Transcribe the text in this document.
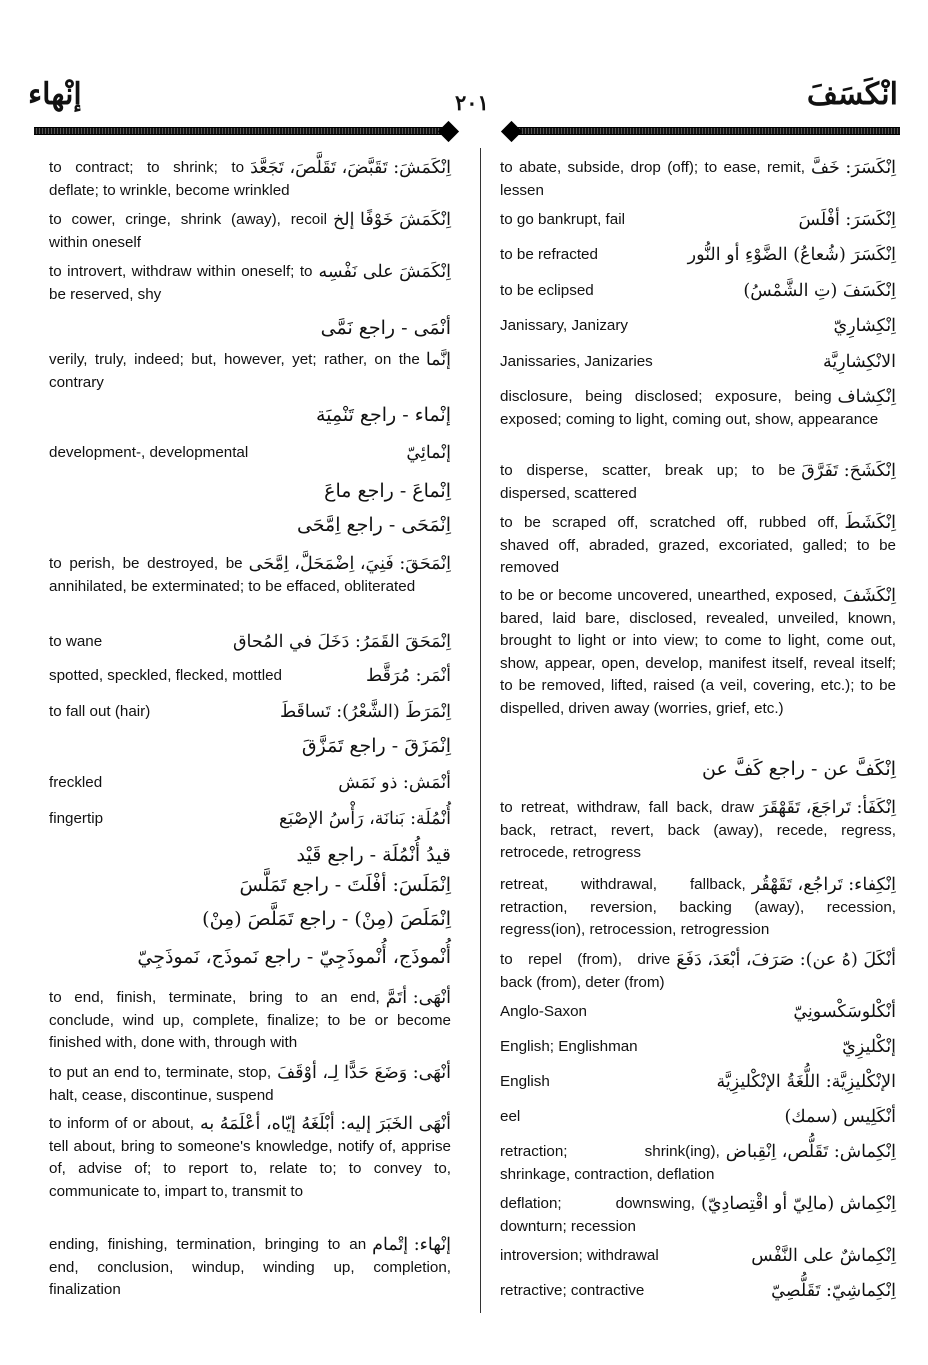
إنْهاء	٢٠١	انْكَسَفَ
اِنْكَمَشَ: تَقَبَّضَ، تَقَلَّصَ، تَجَعَّدَ
to contract; to shrink; to deflate; to wrinkle, become wrinkled
اِنْكَمَشَ خَوْفًا إلخ
to cower, cringe, shrink (away), recoil within oneself
اِنْكَمَشَ على نَفْسِه
to introvert, withdraw within oneself; to be reserved, shy
إنَّما
verily, truly, indeed; but, however, yet; rather, on the contrary
إنْمائِيّ
development-, developmental
اِنْمَحَقَ: فَنِيَ، اِضْمَحَلَّ، اِمَّحَى
to perish, be destroyed, be annihilated, be exterminated; to be effaced, obliterated
اِنْمَحَقَ القَمَرُ: دَخَلَ في المُحاق
to wane
أنْمَر: مُرَقَّط
spotted, speckled, flecked, mottled
اِنْمَرَطَ (الشَّعْرُ): تَساقَطَ
to fall out (hair)
أنْمَش: ذو نَمَش
freckled
أُنْمُلَة: بَنانَة، رَأْسُ الإصْبَع
fingertip
أنْهَى: أتَمَّ
to end, finish, terminate, bring to an end, conclude, wind up, complete, finalize; to be or become finished with, done with, through with
أنْهَى: وَضَعَ حَدًّا لِـ، أوْقَفَ
to put an end to, terminate, stop, halt, cease, discontinue, suspend
أنْهَى الخَبَرَ إليه: أبْلَغَهُ إيّاه، أعْلَمَهُ به
to inform of or about, tell about, bring to someone's knowledge, notify of, apprise of, advise of; to report to, relate to; to convey to, communicate to, impart to, transmit to
إنْهاء: إتْمام
ending, finishing, termination, bringing to an end, conclusion, windup, winding up, completion, finalization
أنْمَى - راجع نَمَّى
إنْماء - راجع تَنْمِيَة
اِنْماعَ - راجع ماعَ
اِنْمَحَى - راجع اِمَّحَى
اِنْمَزَقَ - راجع تَمَزَّقَ
قيدُ أُنْمُلَة - راجع قَيْد
اِنْمَلَسَ: أفْلَتَ - راجع تَمَلَّسَ
اِنْمَلَصَ (مِنْ) - راجع تَمَلَّصَ (مِنْ)
أُنْموذَج، أُنْموذَجِيّ - راجع نَموذَج، نَموذَجِيّ
اِنْكَسَرَ: خَفَّ
to abate, subside, drop (off); to ease, remit, lessen
اِنْكَسَرَ: أفْلَسَ
to go bankrupt, fail
اِنْكَسَرَ (شُعاعُ) الضَّوْءِ أو النُّور
to be refracted
اِنْكَسَفَ (تِ الشَّمْسُ)
to be eclipsed
اِنْكِشارِيّ
Janissary, Janizary
الانْكِشارِيَّة
Janissaries, Janizaries
اِنْكِشاف
disclosure, being disclosed; exposure, being exposed; coming to light, coming out, show, appearance
اِنْكَشَحَ: تَفَرَّقَ
to disperse, scatter, break up; to be dispersed, scattered
اِنْكَشَطَ
to be scraped off, scratched off, rubbed off, shaved off, abraded, grazed, excoriated, galled; to be removed
اِنْكَشَفَ
to be or become uncovered, unearthed, exposed, bared, laid bare, disclosed, revealed, unveiled, known, brought to light or into view; to come to light, come out, show, appear, open, develop, manifest itself, reveal itself; to be removed, lifted, raised (a veil, covering, etc.); to be dispelled, driven away (worries, grief, etc.)
اِنْكَفَأ: تَراجَعَ، تَقَهْقَرَ
to retreat, withdraw, fall back, draw back, retract, revert, back (away), recede, regress, retrocede, retrogress
اِنْكِفاء: تَراجُع، تَقَهْقُر
retreat, withdrawal, fallback, retraction, reversion, backing (away), recession, regress(ion), retrocession, retrogression
أنْكَلَ (هُ عن): صَرَفَ، أبْعَدَ، دَفَعَ
to repel (from), drive back (from), deter (from)
أنْكْلوسَكْسونِيّ
Anglo-Saxon
إنْكْليزِيّ
English; Englishman
الإنْكْليزِيَّة: اللُّغَةُ الإنْكْليزِيَّة
English
أنْكَلِيس (سمك)
eel
اِنْكِماش: تَقَلُّص، اِنْقِباض
retraction; shrink(ing), shrinkage, contraction, deflation
اِنْكِماش (مالِيّ أو اقْتِصادِيّ)
deflation; downswing, downturn; recession
اِنْكِماشٌ على النَّفْس
introversion; withdrawal
اِنْكِماشِيّ: تَقَلُّصِيّ
retractive; contractive
اِنْكَفَّ عن - راجع كَفَّ عن
